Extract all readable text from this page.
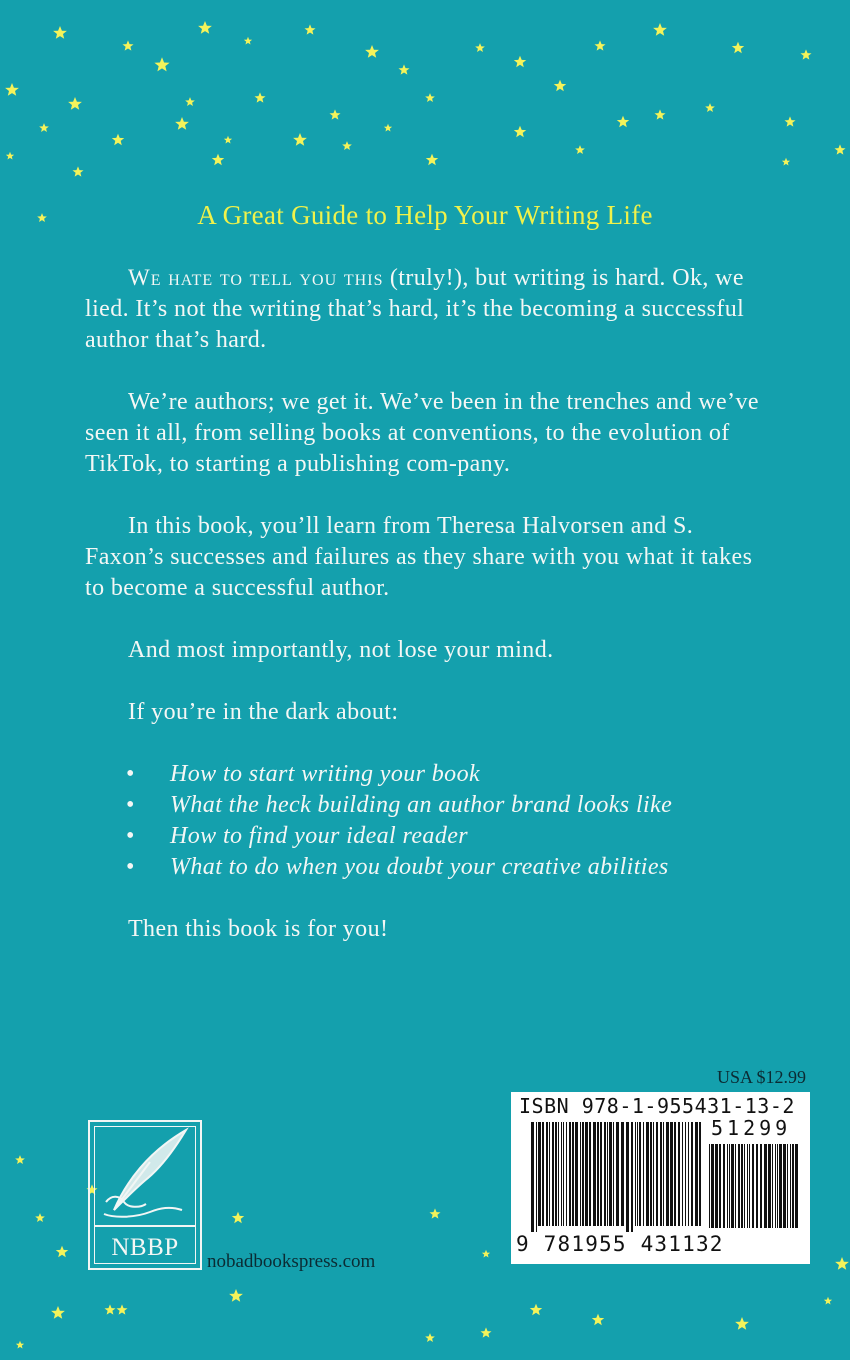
A Great Guide to Help Your Writing Life

We hate to tell you this (truly!), but writing is hard. Ok, we lied. It’s not the writing that’s hard, it’s the becoming a successful author that’s hard.

We’re authors; we get it. We’ve been in the trenches and we’ve seen it all, from selling books at conventions, to the evolution of TikTok, to starting a publishing com-pany.

In this book, you’ll learn from Theresa Halvorsen and S. Faxon’s successes and failures as they share with you what it takes to become a successful author.

And most importantly, not lose your mind.

If you’re in the dark about:

• How to start writing your book
• What the heck building an author brand looks like
• How to find your ideal reader
• What to do when you doubt your creative abilities

Then this book is for you!

USA $12.99
ISBN 978-1-955431-13-2
51299
9 781955 431132
NBBP
nobadbookspress.com
